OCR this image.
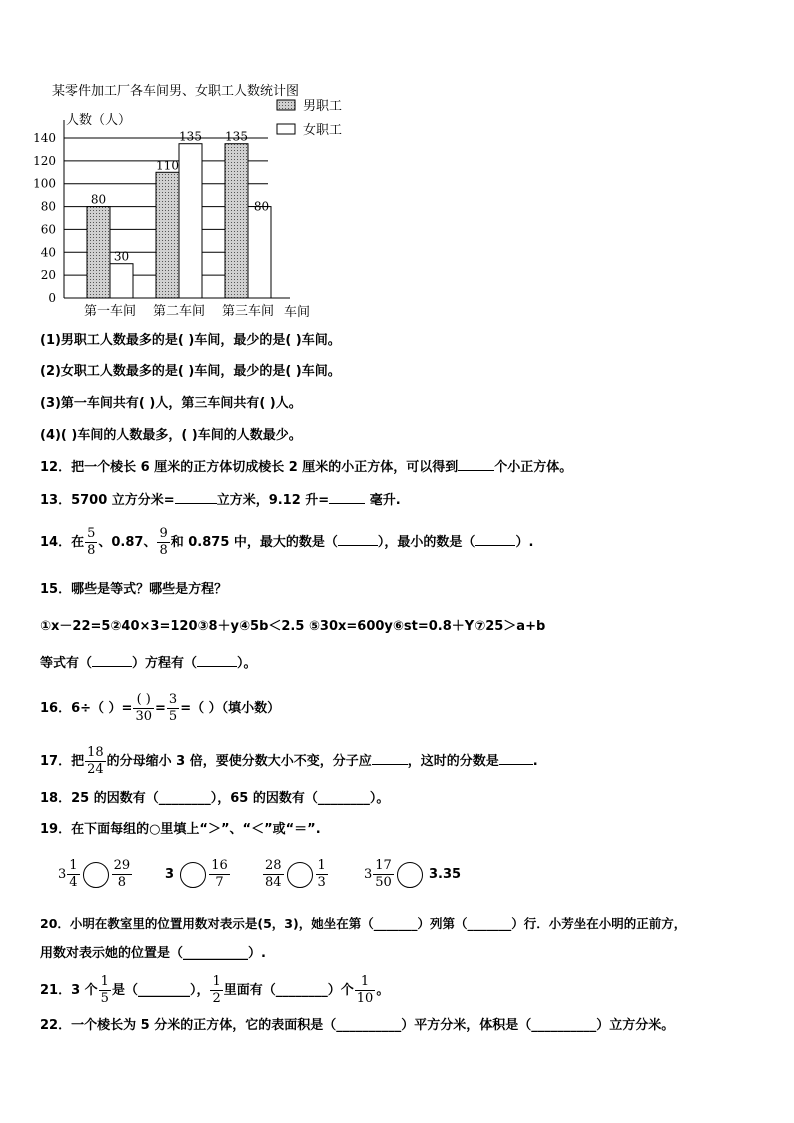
某零件加工厂各车间男、女职工人数统计图
0
20
40
60
80
100
120
140
人数（人）
车间
80
30
第一车间
110
135
第二车间
135
80
第三车间
男职工
女职工
(1)男职工人数最多的是( )车间，最少的是( )车间。
(2)女职工人数最多的是( )车间，最少的是( )车间。
(3)第一车间共有( )人，第三车间共有( )人。
(4)( )车间的人数最多，( )车间的人数最少。
12．把一个棱长 6 厘米的正方体切成棱长 2 厘米的小正方体，可以得到	个小正方体。
13．5700 立方分米=	立方米，9.12 升=	毫升.
14．在 $\frac{5}{8}$ 、0.87、 $\frac{9}{8}$ 和 0.875 中，最大的数是（	），最小的数是（	）.
15．哪些是等式？哪些是方程？
①x－22=5②40×3=120③8＋y④5b＜2.5 ⑤30x=600y⑥st=0.8＋Y⑦25＞a+b
等式有（	）方程有（	）。
16．6÷（ ）= $\frac{( )}{30} = \frac{3}{5}$ =（ ）（填小数）
17．把 $\frac{18}{24}$ 的分母缩小 3 倍，要使分数大小不变，分子应	，这时的分数是	.
18．25 的因数有（________），65 的因数有（________）。
19．在下面每组的○里填上“＞”、“＜”或“＝”.
$3 \frac{1}{4} \frac{29}{8}$	3	$\frac{16}{7}$	$\frac{28}{84} \frac{1}{3}$	$3 \frac{17}{50}$	3.35
20．小明在教室里的位置用数对表示是(5，3)，她坐在第（_______）列第（_______）行．小芳坐在小明的正前方，
用数对表示她的位置是（__________）.
21．3 个 $\frac{1}{5}$ 是（________）， $\frac{1}{2}$ 里面有（________）个 $\frac{1}{10}$ 。
22．一个棱长为 5 分米的正方体，它的表面积是（__________）平方分米，体积是（__________）立方分米。
